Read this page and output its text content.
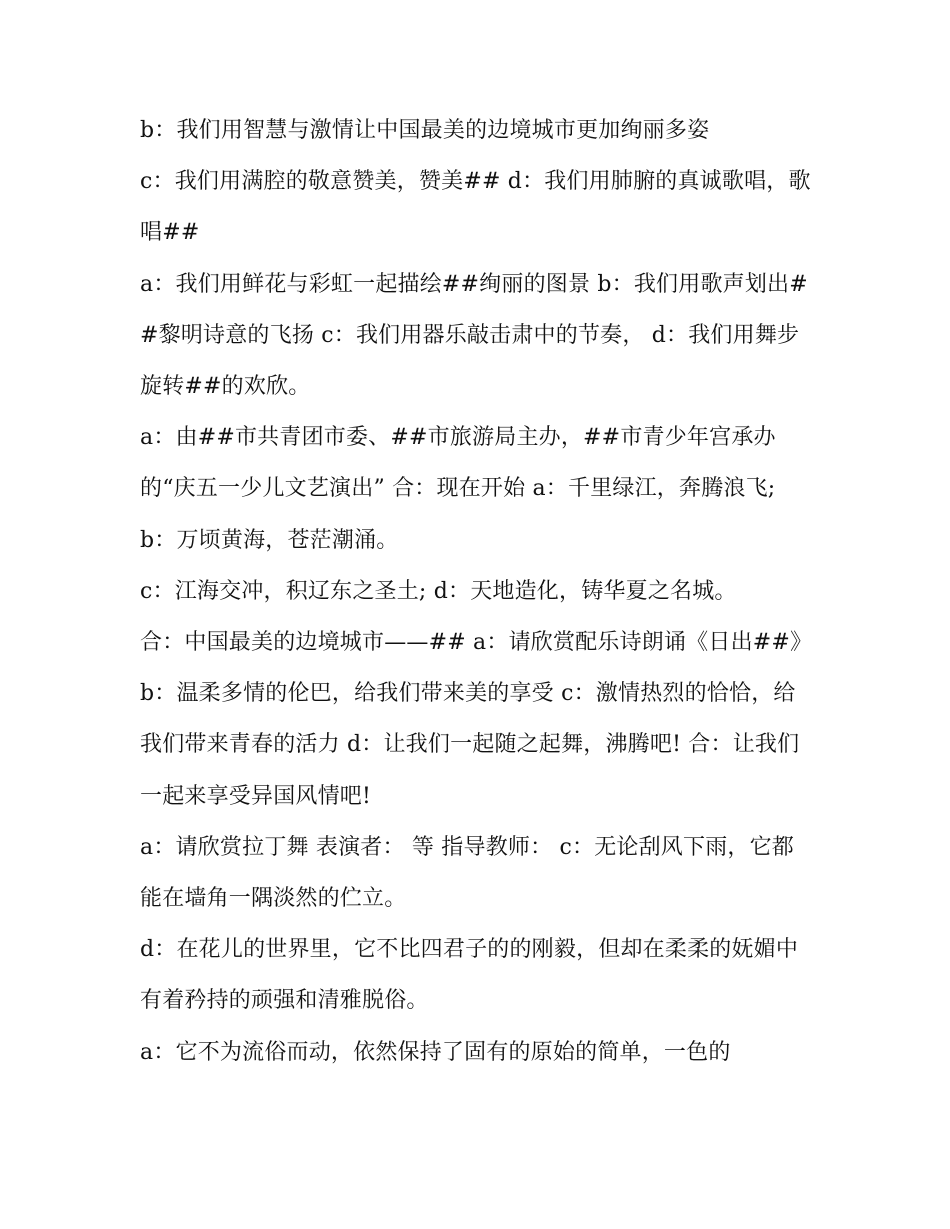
b：我们用智慧与激情让中国最美的边境城市更加绚丽多姿

c：我们用满腔的敬意赞美，赞美## d：我们用肺腑的真诚歌唱，歌唱##

a：我们用鲜花与彩虹一起描绘##绚丽的图景 b：我们用歌声划出##黎明诗意的飞扬 c：我们用器乐敲击肃中的节奏， d：我们用舞步旋转##的欢欣。

a：由##市共青团市委、##市旅游局主办，##市青少年宫承办的“庆五一少儿文艺演出” 合：现在开始 a：千里绿江，奔腾浪飞; b：万顷黄海，苍茫潮涌。

c：江海交冲，积辽东之圣土; d：天地造化，铸华夏之名城。

合：中国最美的边境城市——## a：请欣赏配乐诗朗诵《日出##》

b：温柔多情的伦巴，给我们带来美的享受 c：激情热烈的恰恰，给我们带来青春的活力 d：让我们一起随之起舞，沸腾吧! 合：让我们一起来享受异国风情吧!

a：请欣赏拉丁舞 表演者： 等 指导教师： c：无论刮风下雨，它都能在墙角一隅淡然的伫立。

d：在花儿的世界里，它不比四君子的的刚毅，但却在柔柔的妩媚中有着矜持的顽强和清雅脱俗。

a：它不为流俗而动，依然保持了固有的原始的简单，一色的
